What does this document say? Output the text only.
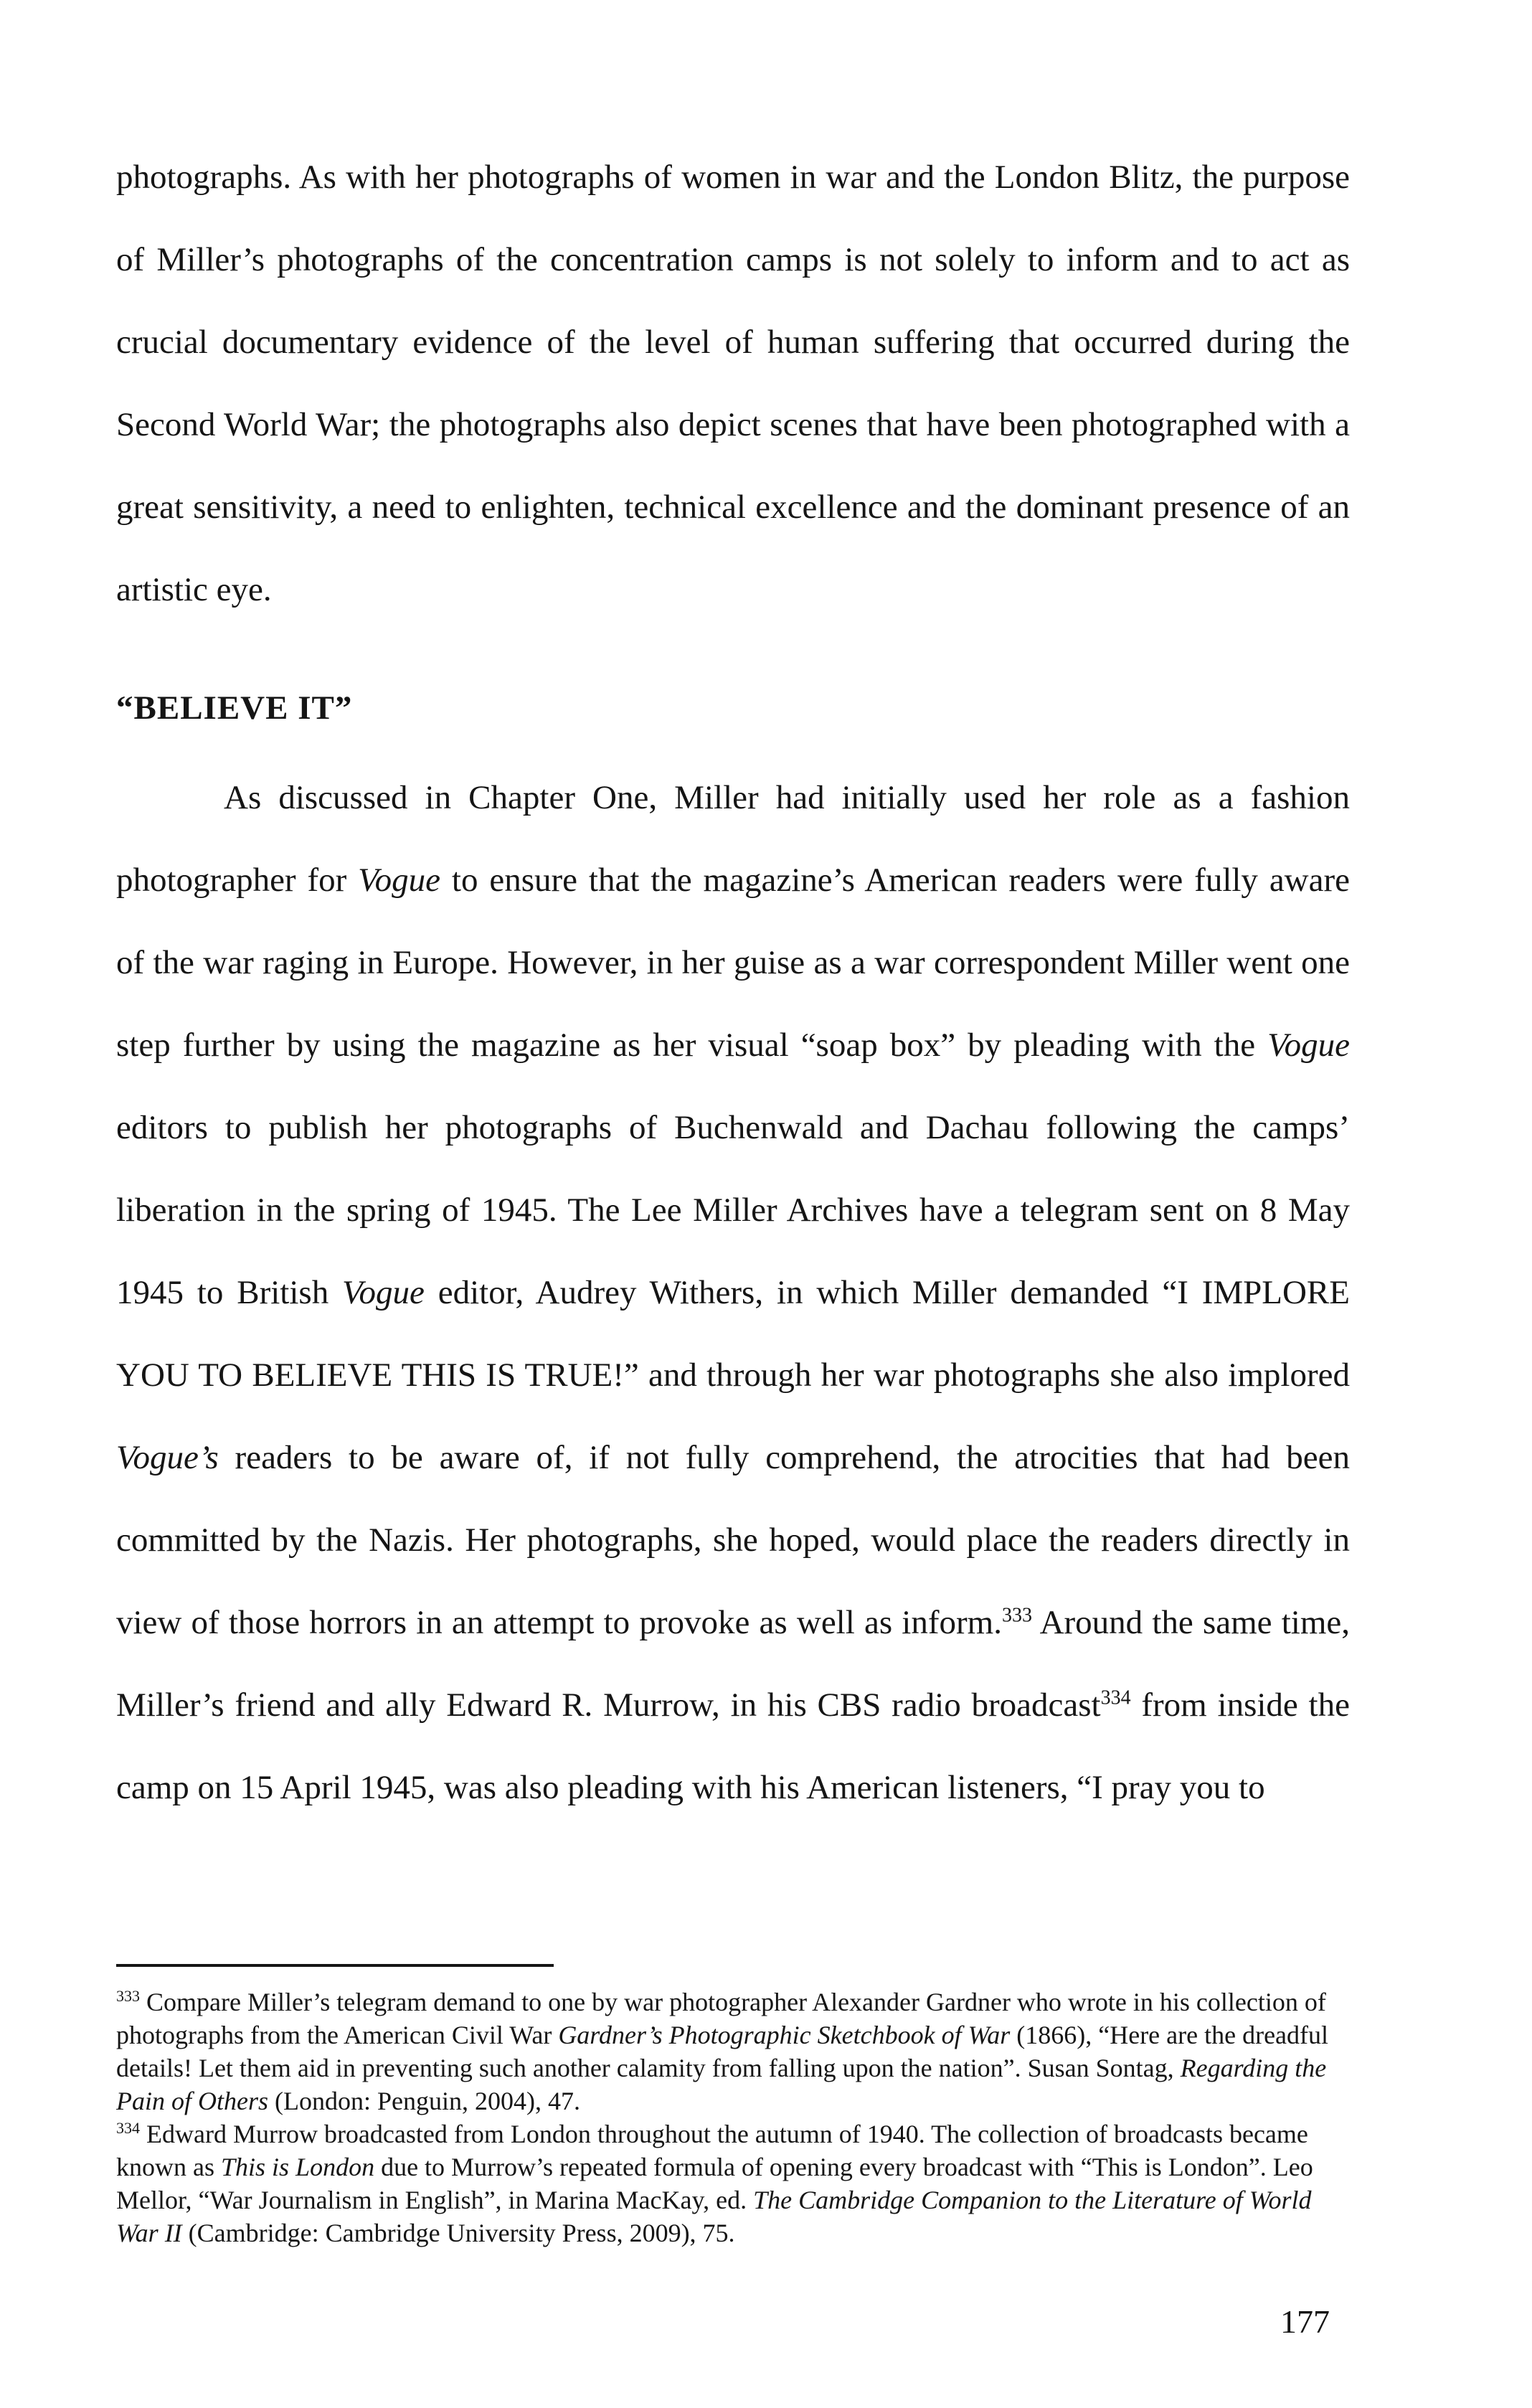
photographs. As with her photographs of women in war and the London Blitz, the purpose of Miller’s photographs of the concentration camps is not solely to inform and to act as crucial documentary evidence of the level of human suffering that occurred during the Second World War; the photographs also depict scenes that have been photographed with a great sensitivity, a need to enlighten, technical excellence and the dominant presence of an artistic eye.

“BELIEVE IT”

As discussed in Chapter One, Miller had initially used her role as a fashion photographer for Vogue to ensure that the magazine’s American readers were fully aware of the war raging in Europe. However, in her guise as a war correspondent Miller went one step further by using the magazine as her visual “soap box” by pleading with the Vogue editors to publish her photographs of Buchenwald and Dachau following the camps’ liberation in the spring of 1945. The Lee Miller Archives have a telegram sent on 8 May 1945 to British Vogue editor, Audrey Withers, in which Miller demanded “I IMPLORE YOU TO BELIEVE THIS IS TRUE!” and through her war photographs she also implored Vogue’s readers to be aware of, if not fully comprehend, the atrocities that had been committed by the Nazis. Her photographs, she hoped, would place the readers directly in view of those horrors in an attempt to provoke as well as inform.$^{333}$ Around the same time, Miller’s friend and ally Edward R. Murrow, in his CBS radio broadcast$^{334}$ from inside the camp on 15 April 1945, was also pleading with his American listeners, “I pray you to

$^{333}$ Compare Miller’s telegram demand to one by war photographer Alexander Gardner who wrote in his collection of photographs from the American Civil War Gardner’s Photographic Sketchbook of War (1866), “Here are the dreadful details! Let them aid in preventing such another calamity from falling upon the nation”. Susan Sontag, Regarding the Pain of Others (London: Penguin, 2004), 47.

$^{334}$ Edward Murrow broadcasted from London throughout the autumn of 1940. The collection of broadcasts became known as This is London due to Murrow’s repeated formula of opening every broadcast with “This is London”. Leo Mellor, “War Journalism in English”, in Marina MacKay, ed. The Cambridge Companion to the Literature of World War II (Cambridge: Cambridge University Press, 2009), 75.

177
